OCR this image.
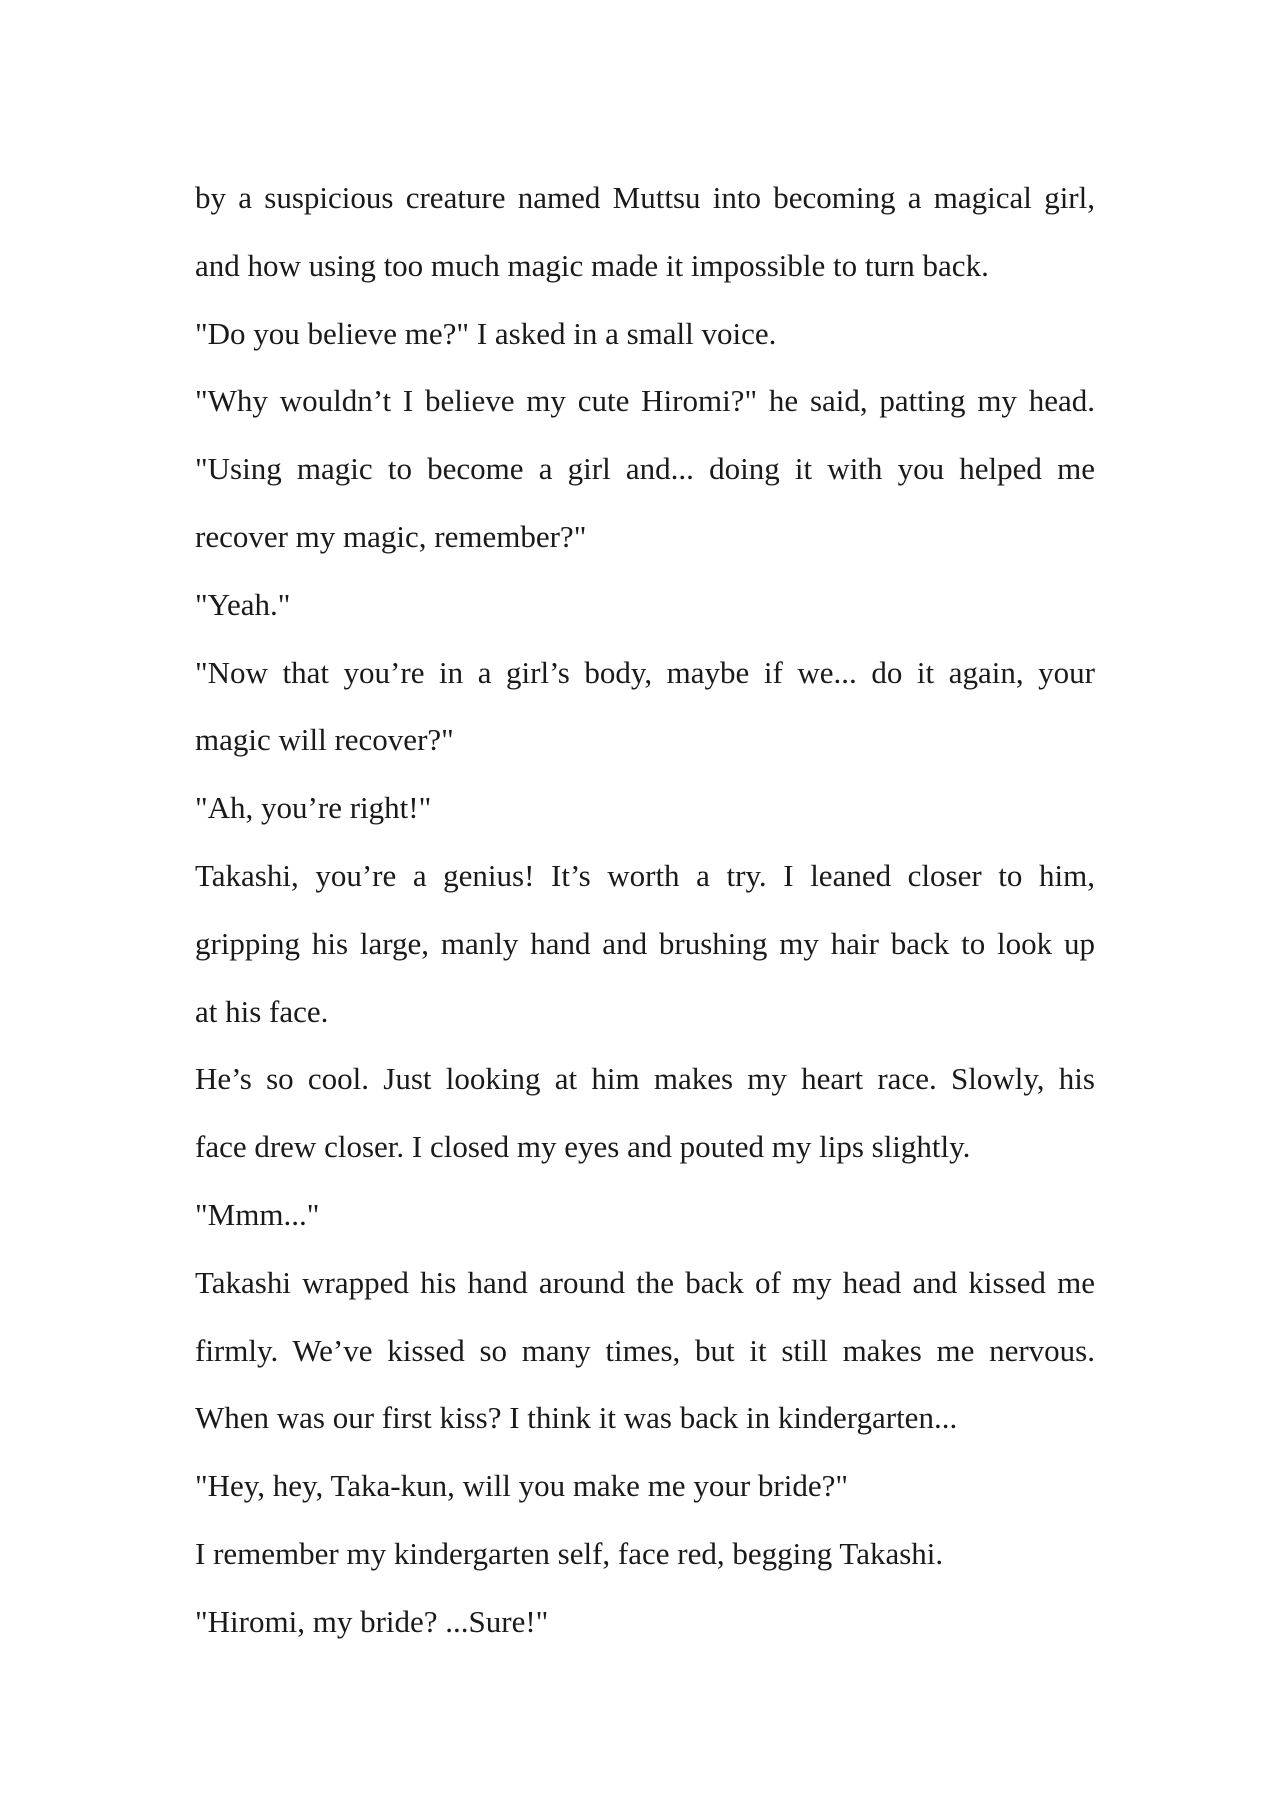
by a suspicious creature named Muttsu into becoming a magical girl,
and how using too much magic made it impossible to turn back.
"Do you believe me?" I asked in a small voice.
"Why wouldn’t I believe my cute Hiromi?" he said, patting my head.
"Using magic to become a girl and... doing it with you helped me
recover my magic, remember?"
"Yeah."
"Now that you’re in a girl’s body, maybe if we... do it again, your
magic will recover?"
"Ah, you’re right!"
Takashi, you’re a genius! It’s worth a try. I leaned closer to him,
gripping his large, manly hand and brushing my hair back to look up
at his face.
He’s so cool. Just looking at him makes my heart race. Slowly, his
face drew closer. I closed my eyes and pouted my lips slightly.
"Mmm..."
Takashi wrapped his hand around the back of my head and kissed me
firmly. We’ve kissed so many times, but it still makes me nervous.
When was our first kiss? I think it was back in kindergarten...
"Hey, hey, Taka-kun, will you make me your bride?"
I remember my kindergarten self, face red, begging Takashi.
"Hiromi, my bride? ...Sure!"
